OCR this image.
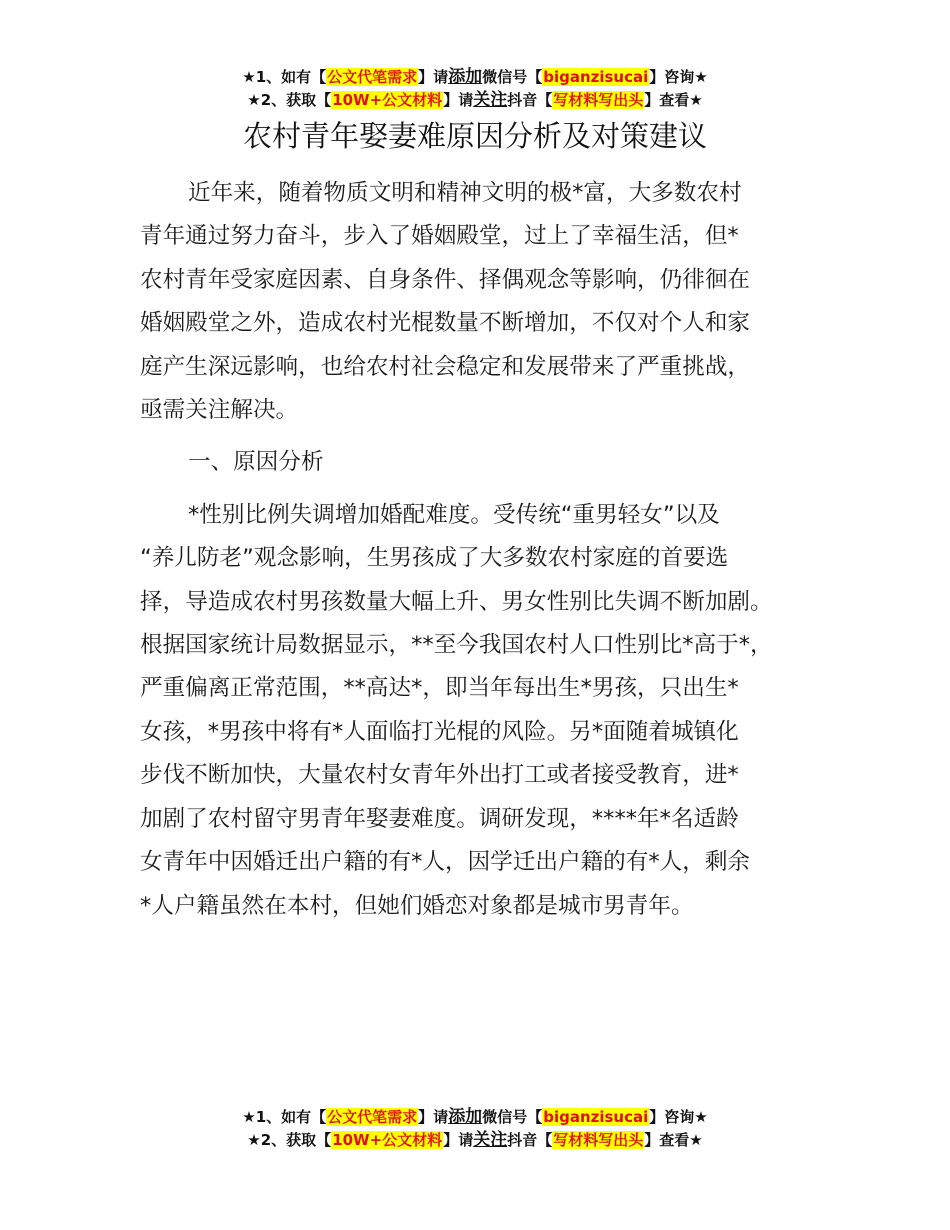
★1、如有【公文代笔需求】请添加微信号【biganzisucai】咨询★
★2、获取【10W+公文材料】请关注抖音【写材料写出头】查看★
农村青年娶妻难原因分析及对策建议

近年来，随着物质文明和精神文明的极*富，大多数农村
青年通过努力奋斗，步入了婚姻殿堂，过上了幸福生活，但*
农村青年受家庭因素、自身条件、择偶观念等影响，仍徘徊在
婚姻殿堂之外，造成农村光棍数量不断增加，不仅对个人和家
庭产生深远影响，也给农村社会稳定和发展带来了严重挑战，
亟需关注解决。

一、原因分析

*性别比例失调增加婚配难度。受传统“重男轻女”以及
“养儿防老”观念影响，生男孩成了大多数农村家庭的首要选
择，导造成农村男孩数量大幅上升、男女性别比失调不断加剧。
根据国家统计局数据显示，**至今我国农村人口性别比*高于*，
严重偏离正常范围，**高达*，即当年每出生*男孩，只出生*
女孩，*男孩中将有*人面临打光棍的风险。另*面随着城镇化
步伐不断加快，大量农村女青年外出打工或者接受教育，进*
加剧了农村留守男青年娶妻难度。调研发现，****年*名适龄
女青年中因婚迁出户籍的有*人，因学迁出户籍的有*人，剩余
*人户籍虽然在本村，但她们婚恋对象都是城市男青年。

★1、如有【公文代笔需求】请添加微信号【biganzisucai】咨询★
★2、获取【10W+公文材料】请关注抖音【写材料写出头】查看★
